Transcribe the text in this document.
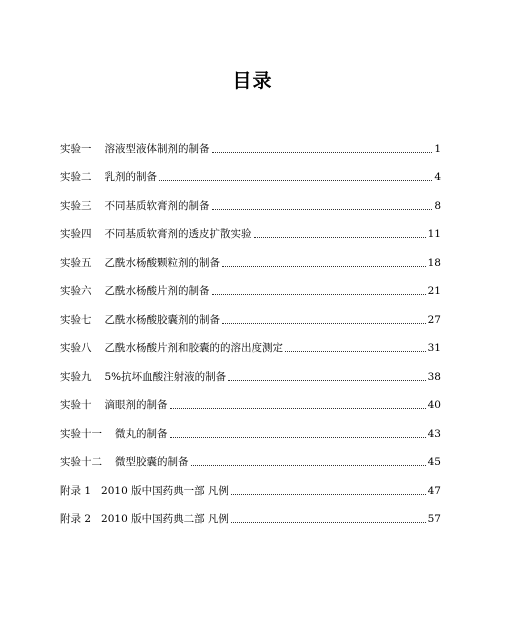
目录
实验一 溶液型液体制剂的制备	1
实验二 乳剂的制备	4
实验三 不同基质软膏剂的制备	8
实验四 不同基质软膏剂的透皮扩散实验	11
实验五 乙酰水杨酸颗粒剂的制备	18
实验六 乙酰水杨酸片剂的制备	21
实验七 乙酰水杨酸胶囊剂的制备	27
实验八 乙酰水杨酸片剂和胶囊的的溶出度测定	31
实验九 5%抗坏血酸注射液的制备	38
实验十 滴眼剂的制备	40
实验十一 微丸的制备	43
实验十二 微型胶囊的制备	45
附录 1 2010 版中国药典一部 凡例	47
附录 2 2010 版中国药典二部 凡例	57
